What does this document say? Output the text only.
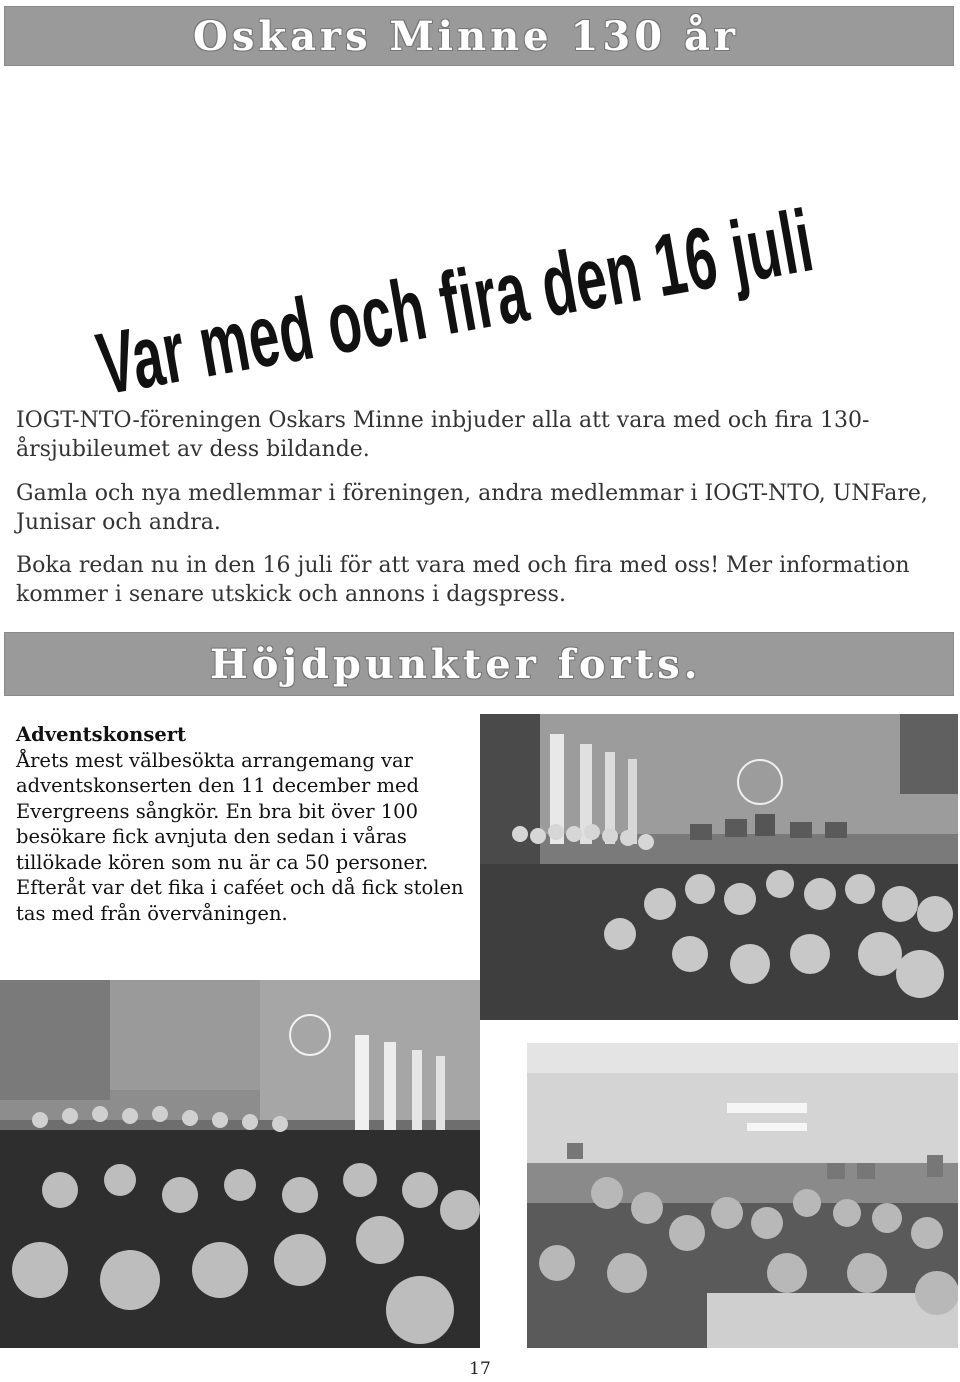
Oskars Minne 130 år
Var med och fira den 16 juli

IOGT-NTO-föreningen Oskars Minne inbjuder alla att vara med och fira 130-årsjubileumet av dess bildande.

Gamla och nya medlemmar i föreningen, andra medlemmar i IOGT-NTO, UNFare, Junisar och andra.

Boka redan nu in den 16 juli för att vara med och fira med oss! Mer information kommer i senare utskick och annons i dagspress.

Höjdpunkter forts.
Adventskonsert

Årets mest välbesökta arrangemang var adventskonserten den 11 december med Evergreens sångkör. En bra bit över 100 besökare fick avnjuta den sedan i våras tillökade kören som nu är ca 50 personer. Efteråt var det fika i caféet och då fick stolen tas med från övervåningen.

17
